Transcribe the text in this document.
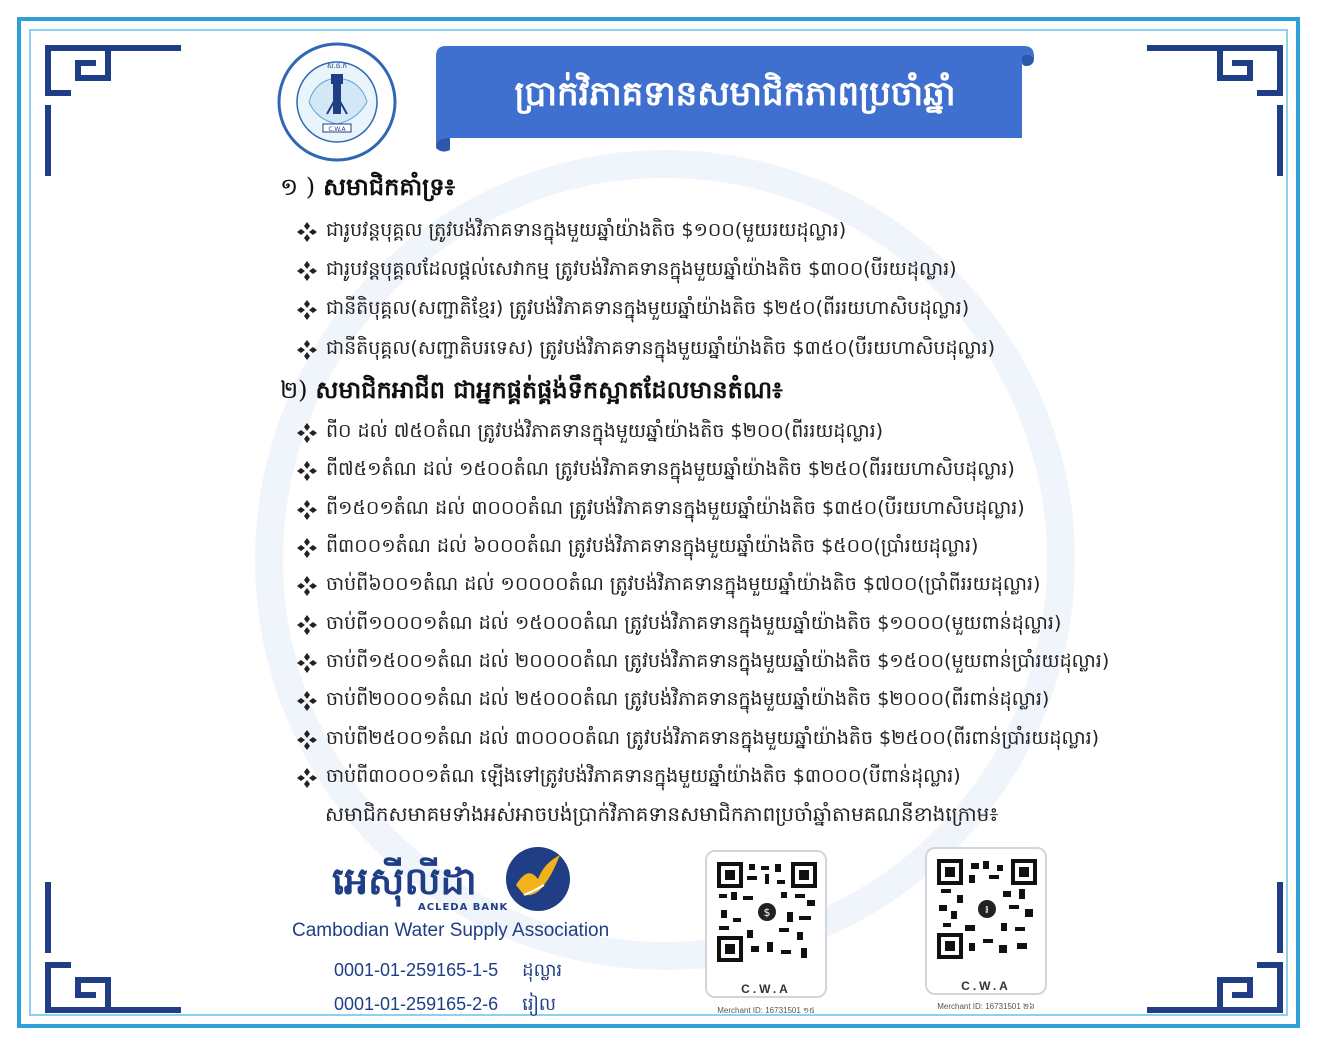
ស.ផ.ក
C.W.A
ប្រាក់វិភាគទានសមាជិកភាពប្រចាំឆ្នាំ
១ ) សមាជិកគាំទ្រ៖
ជារូបវន្តបុគ្គល ត្រូវបង់វិភាគទានក្នុងមួយឆ្នាំយ៉ាងតិច $១០០(មួយរយដុល្លារ)
ជារូបវន្តបុគ្គលដែលផ្តល់សេវាកម្ម ត្រូវបង់វិភាគទានក្នុងមួយឆ្នាំយ៉ាងតិច $៣០០(បីរយដុល្លារ)
ជានីតិបុគ្គល(សញ្ជាតិខ្មែរ) ត្រូវបង់វិភាគទានក្នុងមួយឆ្នាំយ៉ាងតិច $២៥០(ពីររយហាសិបដុល្លារ)
ជានីតិបុគ្គល(សញ្ជាតិបរទេស) ត្រូវបង់វិភាគទានក្នុងមួយឆ្នាំយ៉ាងតិច $៣៥០(បីរយហាសិបដុល្លារ)
២) សមាជិកអាជីព ជាអ្នកផ្គត់ផ្គង់ទឹកស្អាតដែលមានតំណ៖
ពី០ ដល់ ៧៥០តំណ ត្រូវបង់វិភាគទានក្នុងមួយឆ្នាំយ៉ាងតិច $២០០(ពីររយដុល្លារ)
ពី៧៥១តំណ ដល់ ១៥០០តំណ ត្រូវបង់វិភាគទានក្នុងមួយឆ្នាំយ៉ាងតិច $២៥០(ពីររយហាសិបដុល្លារ)
ពី១៥០១តំណ ដល់ ៣០០០តំណ ត្រូវបង់វិភាគទានក្នុងមួយឆ្នាំយ៉ាងតិច $៣៥០(បីរយហាសិបដុល្លារ)
ពី៣០០១តំណ ដល់ ៦០០០តំណ ត្រូវបង់វិភាគទានក្នុងមួយឆ្នាំយ៉ាងតិច $៥០០(ប្រាំរយដុល្លារ)
ចាប់ពី៦០០១តំណ ដល់ ១០០០០តំណ ត្រូវបង់វិភាគទានក្នុងមួយឆ្នាំយ៉ាងតិច $៧០០(ប្រាំពីររយដុល្លារ)
ចាប់ពី១០០០១តំណ ដល់ ១៥០០០តំណ ត្រូវបង់វិភាគទានក្នុងមួយឆ្នាំយ៉ាងតិច $១០០០(មួយពាន់ដុល្លារ)
ចាប់ពី១៥០០១តំណ ដល់ ២០០០០តំណ ត្រូវបង់វិភាគទានក្នុងមួយឆ្នាំយ៉ាងតិច $១៥០០(មួយពាន់ប្រាំរយដុល្លារ)
ចាប់ពី២០០០១តំណ ដល់ ២៥០០០តំណ ត្រូវបង់វិភាគទានក្នុងមួយឆ្នាំយ៉ាងតិច $២០០០(ពីរពាន់ដុល្លារ)
ចាប់ពី២៥០០១តំណ ដល់ ៣០០០០តំណ ត្រូវបង់វិភាគទានក្នុងមួយឆ្នាំយ៉ាងតិច $២៥០០(ពីរពាន់ប្រាំរយដុល្លារ)
ចាប់ពី៣០០០១តំណ ឡើងទៅត្រូវបង់វិភាគទានក្នុងមួយឆ្នាំយ៉ាងតិច $៣០០០(បីពាន់ដុល្លារ)
សមាជិកសមាគមទាំងអស់អាចបង់ប្រាក់វិភាគទានសមាជិកភាពប្រចាំឆ្នាំតាមគណនីខាងក្រោម៖
អេស៊ីលីដា
ACLEDA BANK
Cambodian Water Supply Association
0001-01-259165-1-5 ដុល្លារ
0001-01-259165-2-6 រៀល
$
C.W.A
Merchant ID: 16731501 ១៥
៛
C.W.A
Merchant ID: 16731501 ២៦
